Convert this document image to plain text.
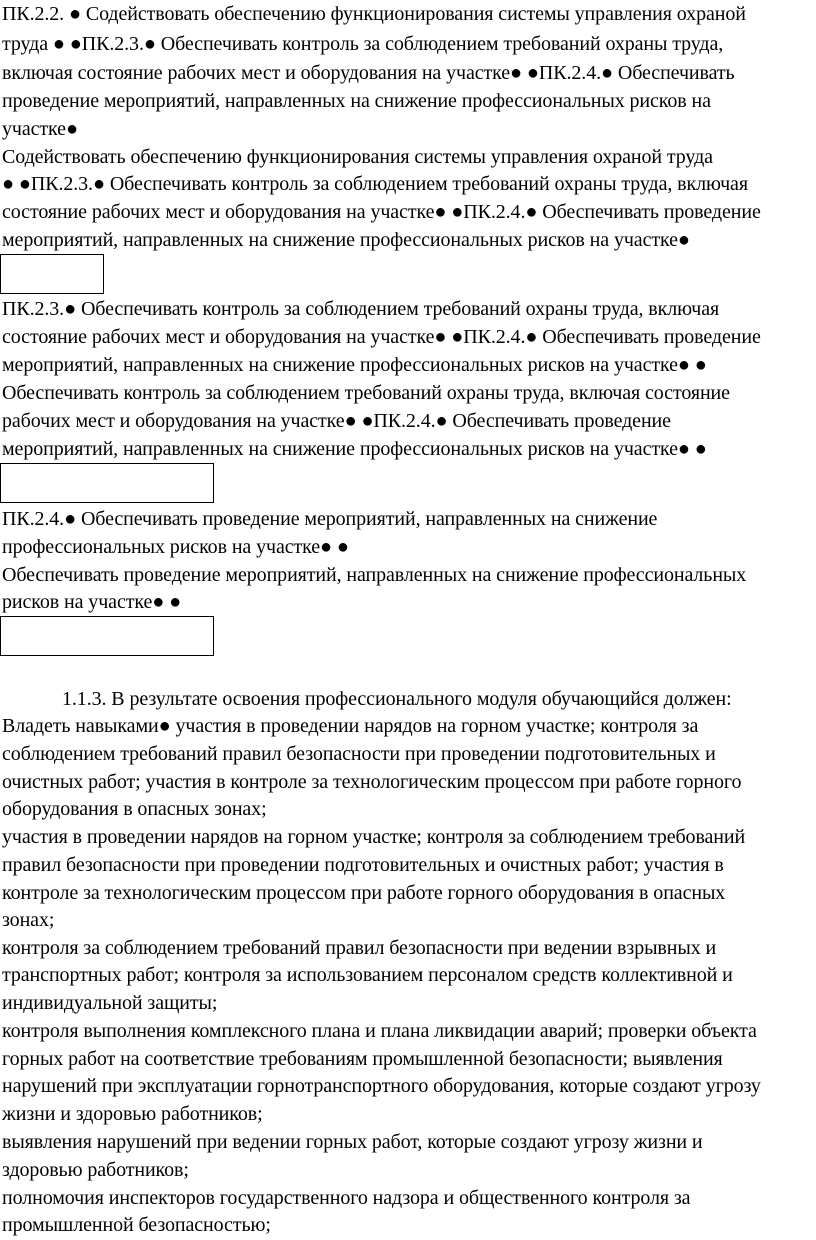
ПК.2.2. ● Содействовать обеспечению функционирования системы управления охраной
труда ● ●ПК.2.3.● Обеспечивать контроль за соблюдением требований охраны труда,
включая состояние рабочих мест и оборудования на участке● ●ПК.2.4.● Обеспечивать
проведение мероприятий, направленных на снижение профессиональных рисков на
участке●
Содействовать обеспечению функционирования системы управления охраной труда
● ●ПК.2.3.● Обеспечивать контроль за соблюдением требований охраны труда, включая
состояние рабочих мест и оборудования на участке● ●ПК.2.4.● Обеспечивать проведение
мероприятий, направленных на снижение профессиональных рисков на участке●
ПК.2.3.● Обеспечивать контроль за соблюдением требований охраны труда, включая
состояние рабочих мест и оборудования на участке● ●ПК.2.4.● Обеспечивать проведение
мероприятий, направленных на снижение профессиональных рисков на участке● ●
Обеспечивать контроль за соблюдением требований охраны труда, включая состояние
рабочих мест и оборудования на участке● ●ПК.2.4.● Обеспечивать проведение
мероприятий, направленных на снижение профессиональных рисков на участке● ●
ПК.2.4.● Обеспечивать проведение мероприятий, направленных на снижение
профессиональных рисков на участке● ●
Обеспечивать проведение мероприятий, направленных на снижение профессиональных
рисков на участке● ●
1.1.3. В результате освоения профессионального модуля обучающийся должен:
Владеть навыками● участия в проведении нарядов на горном участке; контроля за
соблюдением требований правил безопасности при проведении подготовительных и
очистных работ; участия в контроле за технологическим процессом при работе горного
оборудования в опасных зонах;
участия в проведении нарядов на горном участке; контроля за соблюдением требований
правил безопасности при проведении подготовительных и очистных работ; участия в
контроле за технологическим процессом при работе горного оборудования в опасных
зонах;
контроля за соблюдением требований правил безопасности при ведении взрывных и
транспортных работ; контроля за использованием персоналом средств коллективной и
индивидуальной защиты;
контроля выполнения комплексного плана и плана ликвидации аварий; проверки объекта
горных работ на соответствие требованиям промышленной безопасности; выявления
нарушений при эксплуатации горнотранспортного оборудования, которые создают угрозу
жизни и здоровью работников;
выявления нарушений при ведении горных работ, которые создают угрозу жизни и
здоровью работников;
полномочия инспекторов государственного надзора и общественного контроля за
промышленной безопасностью;
